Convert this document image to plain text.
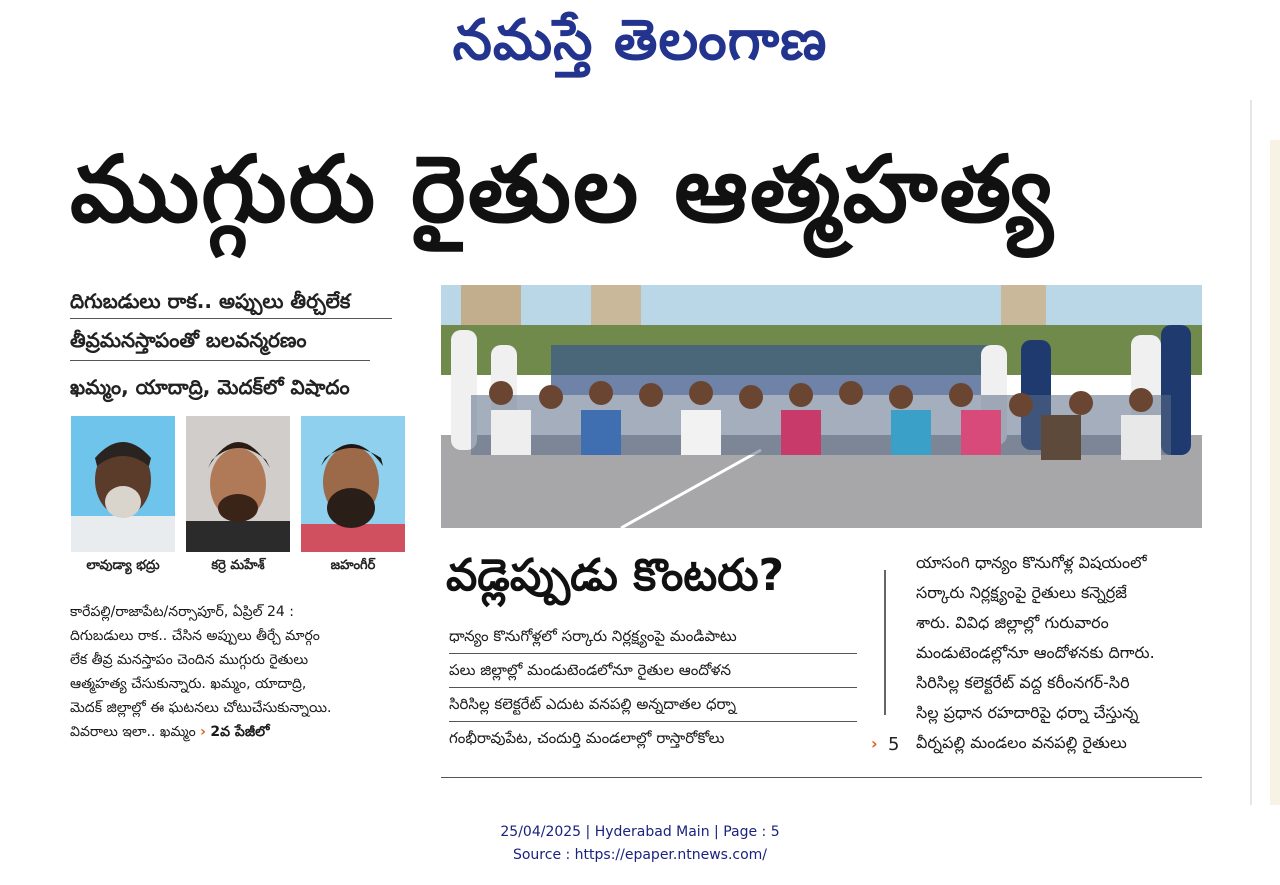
నమస్తే తెలంగాణ
ముగ్గురు రైతుల ఆత్మహత్య
దిగుబడులు రాక.. అప్పులు తీర్చలేక
తీవ్రమనస్తాపంతో బలవన్మరణం
ఖమ్మం, యాదాద్రి, మెదక్‌లో విషాదం
లావుడ్యా భద్రు	కర్రె మహేశ్	జహంగీర్
కారేపల్లి/రాజాపేట/నర్సాపూర్, ఏప్రిల్ 24 :
దిగుబడులు రాక.. చేసిన అప్పులు తీర్చే మార్గం
లేక తీవ్ర మనస్తాపం చెందిన ముగ్గురు రైతులు
ఆత్మహత్య చేసుకున్నారు. ఖమ్మం, యాదాద్రి,
మెదక్ జిల్లాల్లో ఈ ఘటనలు చోటుచేసుకున్నాయి.
వివరాలు ఇలా.. ఖమ్మం › 2వ పేజీలో
వడ్లెప్పుడు కొంటరు?
ధాన్యం కొనుగోళ్లలో సర్కారు నిర్లక్ష్యంపై మండిపాటు
పలు జిల్లాల్లో మండుటెండలోనూ రైతుల ఆందోళన
సిరిసిల్ల కలెక్టరేట్ ఎదుట వనపల్లి అన్నదాతల ధర్నా
గంభీరావుపేట, చందుర్తి మండలాల్లో రాస్తారోకోలు	› 5
యాసంగి ధాన్యం కొనుగోళ్ల విషయంలో
సర్కారు నిర్లక్ష్యంపై రైతులు కన్నెర్రజే
శారు. వివిధ జిల్లాల్లో గురువారం
మండుటెండల్లోనూ ఆందోళనకు దిగారు.
సిరిసిల్ల కలెక్టరేట్ వద్ద కరీంనగర్-సిరి
సిల్ల ప్రధాన రహదారిపై ధర్నా చేస్తున్న
వీర్నపల్లి మండలం వనపల్లి రైతులు
25/04/2025 | Hyderabad Main | Page : 5
Source : https://epaper.ntnews.com/
